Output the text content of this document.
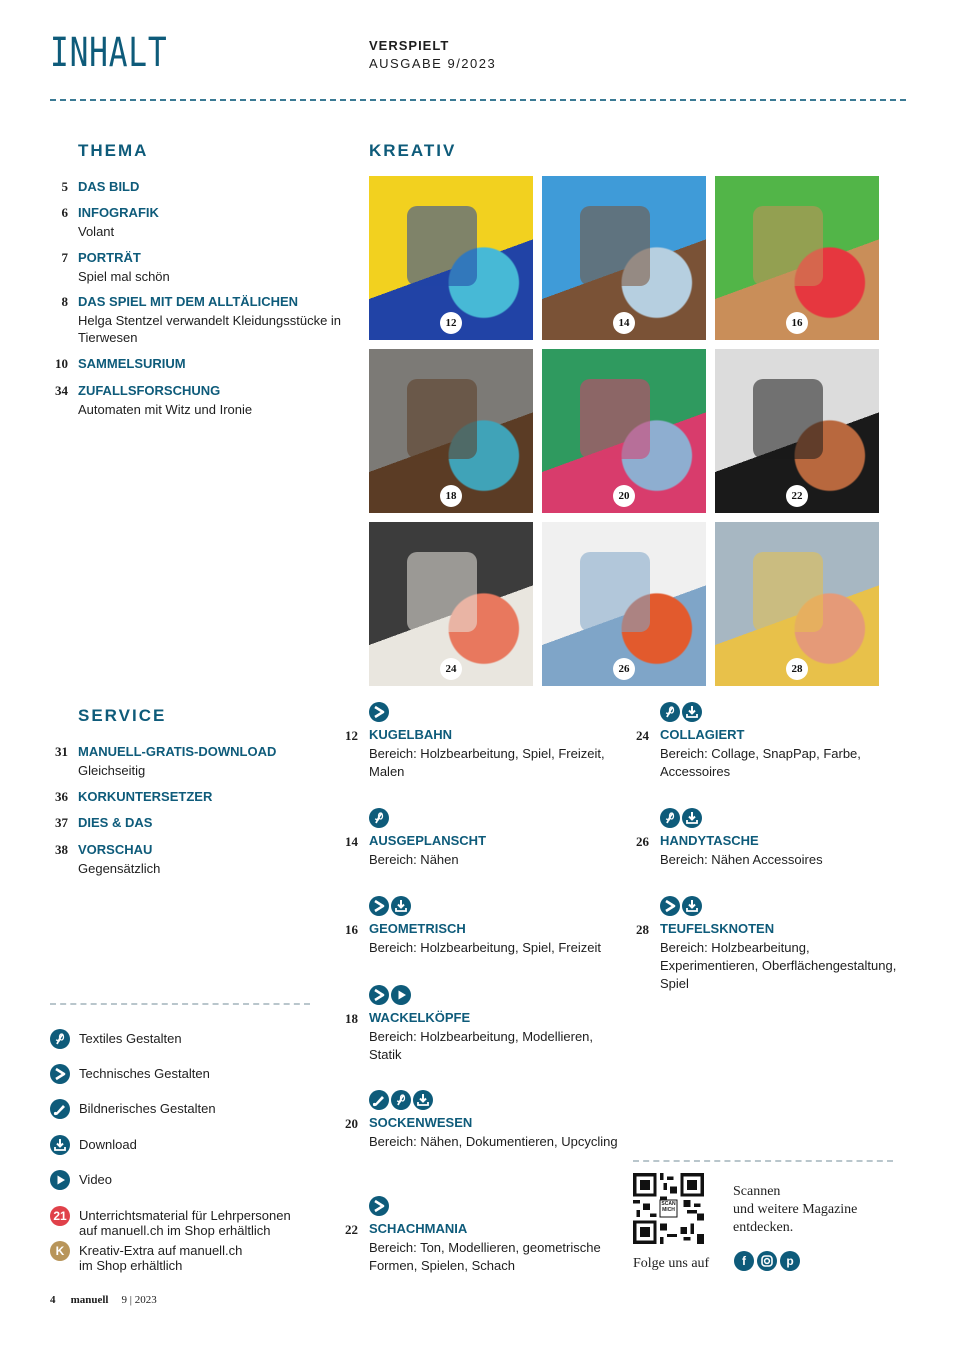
INHALT	VERSPIELT
AUSGABE 9/2023
THEMA
5 DAS BILD
6 INFOGRAFIK
Volant
7 PORTRÄT
Spiel mal schön
8 DAS SPIEL MIT DEM ALLTÄLICHEN
Helga Stentzel verwandelt Kleidungsstücke in Tierwesen
10 SAMMELSURIUM
34 ZUFALLSFORSCHUNG
Automaten mit Witz und Ironie
KREATIV
12	14	16
18	20	22
24	26	28
SERVICE
31 MANUELL-GRATIS-DOWNLOAD
Gleichseitig
36 KORKUNTERSETZER
37 DIES & DAS
38 VORSCHAU
Gegensätzlich
12 KUGELBAHN
Bereich: Holzbearbeitung, Spiel, Freizeit, Malen
14 AUSGEPLANSCHT
Bereich: Nähen
16 GEOMETRISCH
Bereich: Holzbearbeitung, Spiel, Freizeit
18 WACKELKÖPFE
Bereich: Holzbearbeitung, Modellieren, Statik
20 SOCKENWESEN
Bereich: Nähen, Dokumentieren, Upcycling
22 SCHACHMANIA
Bereich: Ton, Modellieren, geometrische Formen, Spielen, Schach
24 COLLAGIERT
Bereich: Collage, SnapPap, Farbe, Accessoires
26 HANDYTASCHE
Bereich: Nähen Accessoires
28 TEUFELSKNOTEN
Bereich: Holzbearbeitung, Experimentieren, Oberflächengestaltung, Spiel
Textiles Gestalten
Technisches Gestalten
Bildnerisches Gestalten
Download
Video
21 Unterrichtsmaterial für Lehrpersonen
auf manuell.ch im Shop erhältlich
K	Kreativ-Extra auf manuell.ch
im Shop erhältlich
SCAN MICH
Scannen
und weitere Magazine
entdecken.
Folge uns auf	f	p
4 manuell 9 | 2023
